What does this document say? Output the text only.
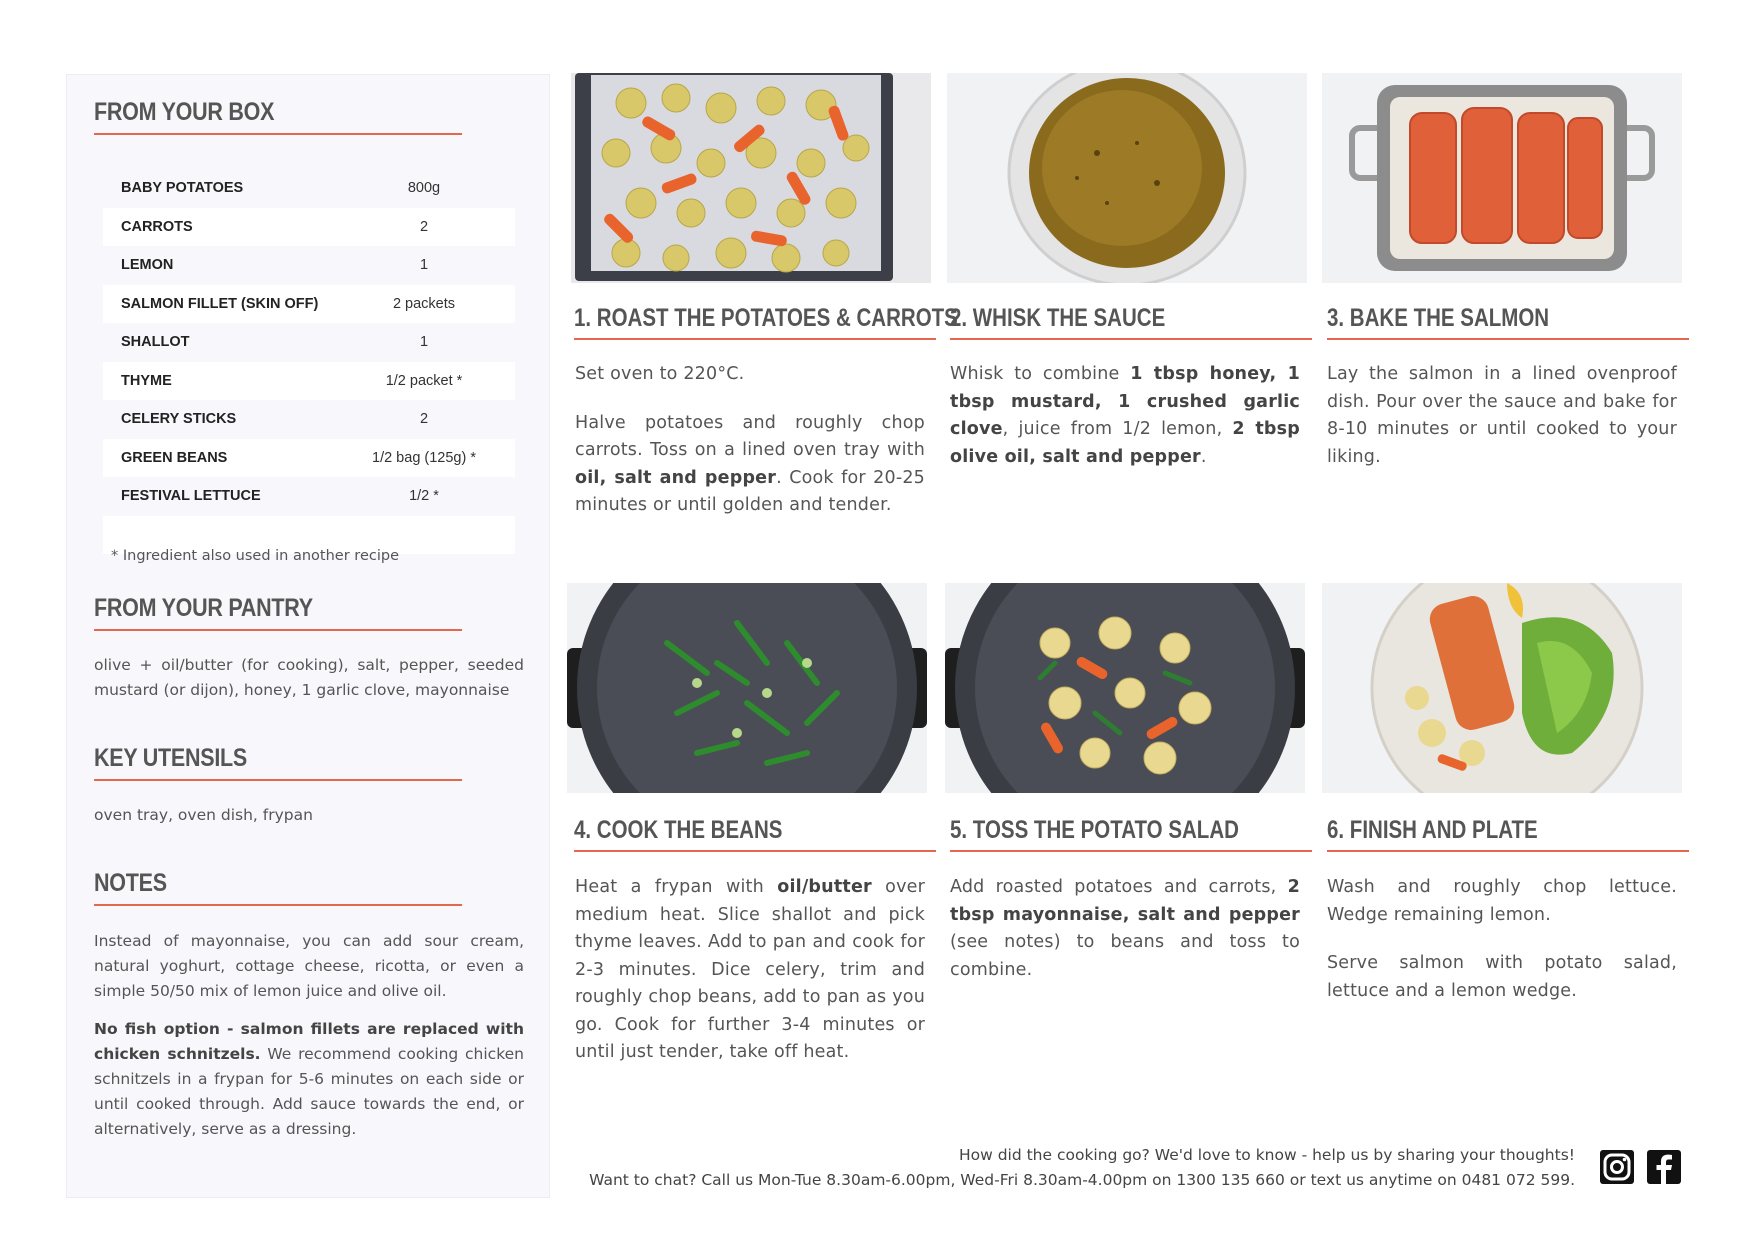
FROM YOUR BOX
BABY POTATOES	800g
CARROTS	2
LEMON	1
SALMON FILLET (SKIN OFF)	2 packets
SHALLOT	1
THYME	1/2 packet *
CELERY STICKS	2
GREEN BEANS	1/2 bag (125g) *
FESTIVAL LETTUCE	1/2 *
* Ingredient also used in another recipe
FROM YOUR PANTRY
olive + oil/butter (for cooking), salt, pepper, seeded mustard (or dijon), honey, 1 garlic clove, mayonnaise
KEY UTENSILS
oven tray, oven dish, frypan
NOTES
Instead of mayonnaise, you can add sour cream, natural yoghurt, cottage cheese, ricotta, or even a simple 50/50 mix of lemon juice and olive oil.
No fish option - salmon fillets are replaced with chicken schnitzels. We recommend cooking chicken schnitzels in a frypan for 5-6 minutes on each side or until cooked through. Add sauce towards the end, or alternatively, serve as a dressing.
1. ROAST THE POTATOES & CARROTS
2. WHISK THE SAUCE	3. BAKE THE SALMON
4. COOK THE BEANS	5. TOSS THE POTATO SALAD	6. FINISH AND PLATE

Set oven to 220°C.

Halve potatoes and roughly chop carrots. Toss on a lined oven tray with oil, salt and pepper. Cook for 20-25 minutes or until golden and tender.

Whisk to combine 1 tbsp honey, 1 tbsp mustard, 1 crushed garlic clove, juice from 1/2 lemon, 2 tbsp olive oil, salt and pepper.

Lay the salmon in a lined ovenproof dish. Pour over the sauce and bake for 8-10 minutes or until cooked to your liking.

Heat a frypan with oil/butter over medium heat. Slice shallot and pick thyme leaves. Add to pan and cook for 2-3 minutes. Dice celery, trim and roughly chop beans, add to pan as you go. Cook for further 3-4 minutes or until just tender, take off heat.

Add roasted potatoes and carrots, 2 tbsp mayonnaise, salt and pepper (see notes) to beans and toss to combine.

Wash and roughly chop lettuce. Wedge remaining lemon.

Serve salmon with potato salad, lettuce and a lemon wedge.

How did the cooking go? We'd love to know - help us by sharing your thoughts!
Want to chat? Call us Mon-Tue 8.30am-6.00pm, Wed-Fri 8.30am-4.00pm on 1300 135 660 or text us anytime on 0481 072 599.
